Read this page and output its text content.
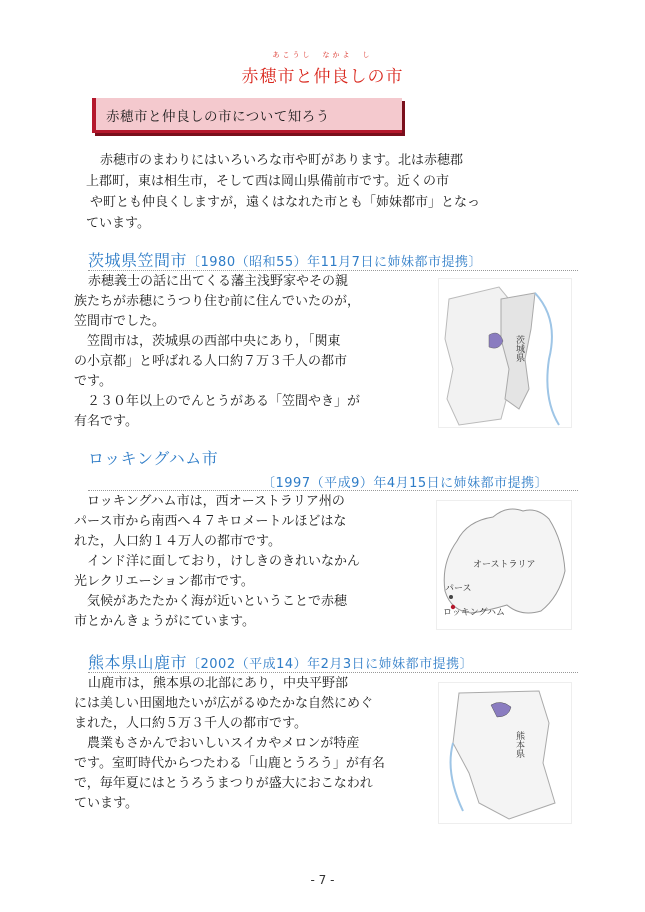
あこうし　なかよ　し
赤穂市と仲良しの市
赤穂市と仲良しの市について知ろう

赤穂市のまわりにはいろいろな市や町があります。北は赤穂郡

上郡町，東は相生市，そして西は岡山県備前市です。近くの市

や町とも仲良くしますが，遠くはなれた市とも「姉妹都市」となっ

ています。

茨城県笠間市〔1980（昭和55）年11月7日に姉妹都市提携〕

赤穂義士の話に出てくる藩主浅野家やその親

族たちが赤穂にうつり住む前に住んでいたのが，

笠間市でした。

　笠間市は，茨城県の西部中央にあり，「関東

の小京都」と呼ばれる人口約７万３千人の都市

です。

　２３０年以上のでんとうがある「笠間やき」が

有名です。

茨城県
ロッキングハム市
〔1997（平成9）年4月15日に姉妹都市提携〕

　ロッキングハム市は，西オーストラリア州の

パース市から南西へ４７キロメートルほどはな

れた，人口約１４万人の都市です。

　インド洋に面しており，けしきのきれいなかん

光レクリエーション都市です。

　気候があたたかく海が近いということで赤穂

市とかんきょうがにています。

オーストラリア
パース
ロッキングハム
熊本県山鹿市〔2002（平成14）年2月3日に姉妹都市提携〕

山鹿市は，熊本県の北部にあり，中央平野部

には美しい田園地たいが広がるゆたかな自然にめぐ

まれた，人口約５万３千人の都市です。

　農業もさかんでおいしいスイカやメロンが特産

です。室町時代からつたわる「山鹿とうろう」が有名

で，毎年夏にはとうろうまつりが盛大におこなわれ

ています。

熊本県
- 7 -
